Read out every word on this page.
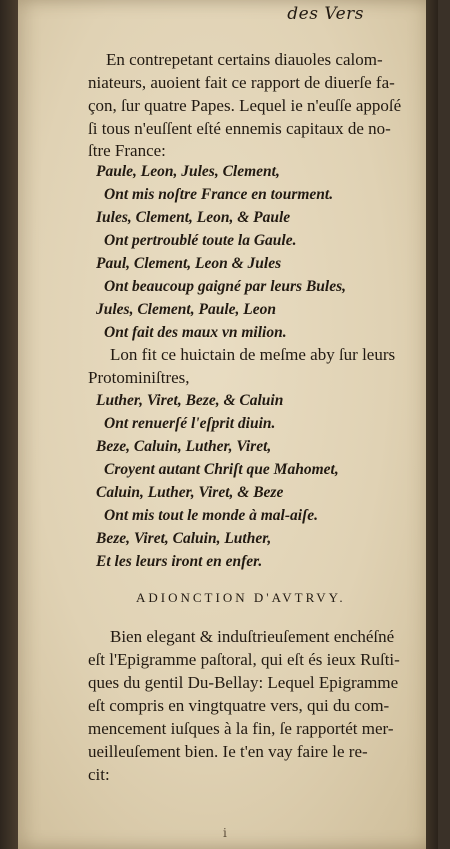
des Vers
En contrepetant certains diauoles calom-
niateurs, auoient fait ce rapport de diuerſe fa-
çon, ſur quatre Papes. Lequel ie n'euſſe appoſé
ſi tous n'euſſent eſté ennemis capitaux de no-
ſtre France:
Paule, Leon, Jules, Clement,
Ont mis noſtre France en tourment.
Iules, Clement, Leon, & Paule
Ont pertroublé toute la Gaule.
Paul, Clement, Leon & Jules
Ont beaucoup gaigné par leurs Bules,
Jules, Clement, Paule, Leon
Ont fait des maux vn milion.
Lon fit ce huictain de meſme aby ſur leurs
Protominiſtres,
Luther, Viret, Beze, & Caluin
Ont renuerſé l'eſprit diuin.
Beze, Caluin, Luther, Viret,
Croyent autant Chriſt que Mahomet,
Caluin, Luther, Viret, & Beze
Ont mis tout le monde à mal-aiſe.
Beze, Viret, Caluin, Luther,
Et les leurs iront en enfer.
ADIONCTION D'AVTRVY.
Bien elegant & induſtrieuſement enchéſné
eſt l'Epigramme paſtoral, qui eſt és ieux Ruſti-
ques du gentil Du-Bellay: Lequel Epigramme
eſt compris en vingtquatre vers, qui du com-
mencement iuſques à la fin, ſe rapportét mer-
ueilleuſement bien. Ie t'en vay faire le re-
cit:
i
